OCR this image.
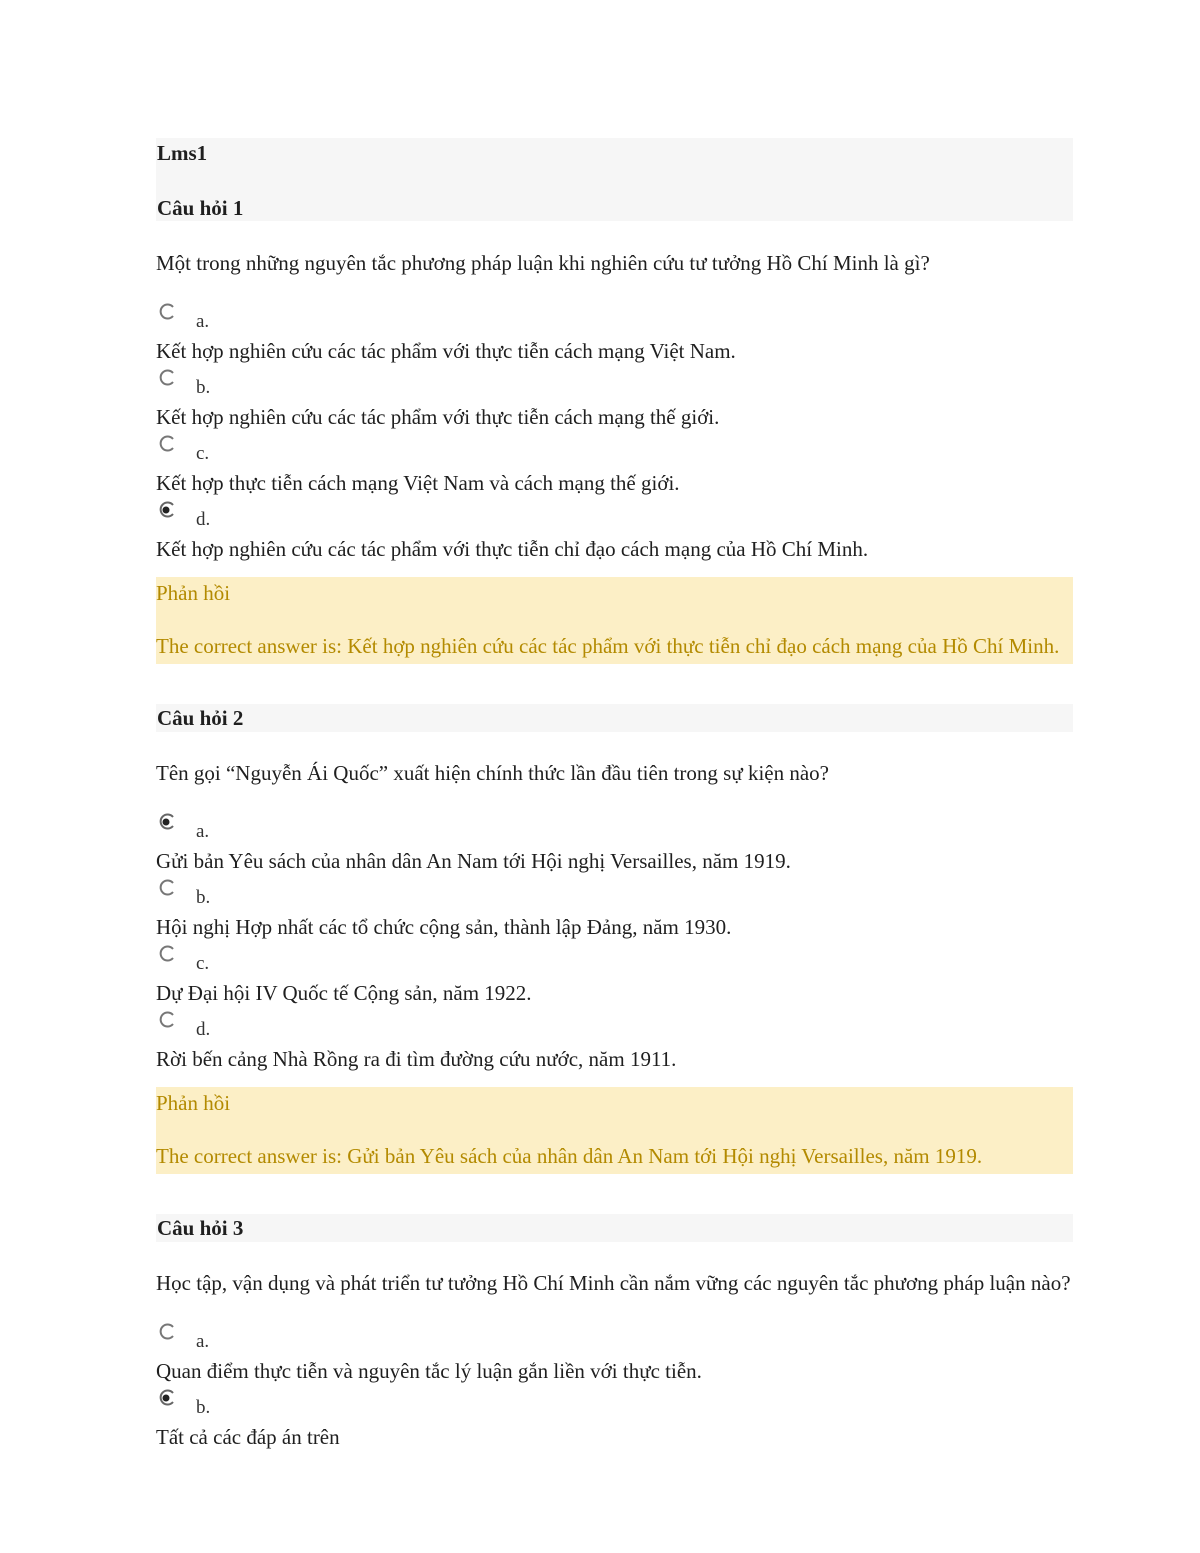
Lms1
Câu hỏi 1

Một trong những nguyên tắc phương pháp luận khi nghiên cứu tư tưởng Hồ Chí Minh là gì?

a.
Kết hợp nghiên cứu các tác phẩm với thực tiễn cách mạng Việt Nam.
b.
Kết hợp nghiên cứu các tác phẩm với thực tiễn cách mạng thế giới.
c.
Kết hợp thực tiễn cách mạng Việt Nam và cách mạng thế giới.
d.
Kết hợp nghiên cứu các tác phẩm với thực tiễn chỉ đạo cách mạng của Hồ Chí Minh.
Phản hồi
The correct answer is: Kết hợp nghiên cứu các tác phẩm với thực tiễn chỉ đạo cách mạng của Hồ Chí Minh.
Câu hỏi 2

Tên gọi “Nguyễn Ái Quốc” xuất hiện chính thức lần đầu tiên trong sự kiện nào?

a.
Gửi bản Yêu sách của nhân dân An Nam tới Hội nghị Versailles, năm 1919.
b.
Hội nghị Hợp nhất các tổ chức cộng sản, thành lập Đảng, năm 1930.
c.
Dự Đại hội IV Quốc tế Cộng sản, năm 1922.
d.
Rời bến cảng Nhà Rồng ra đi tìm đường cứu nước, năm 1911.
Phản hồi
The correct answer is: Gửi bản Yêu sách của nhân dân An Nam tới Hội nghị Versailles, năm 1919.
Câu hỏi 3

Học tập, vận dụng và phát triển tư tưởng Hồ Chí Minh cần nắm vững các nguyên tắc phương pháp luận nào?

a.
Quan điểm thực tiễn và nguyên tắc lý luận gắn liền với thực tiễn.
b.
Tất cả các đáp án trên
